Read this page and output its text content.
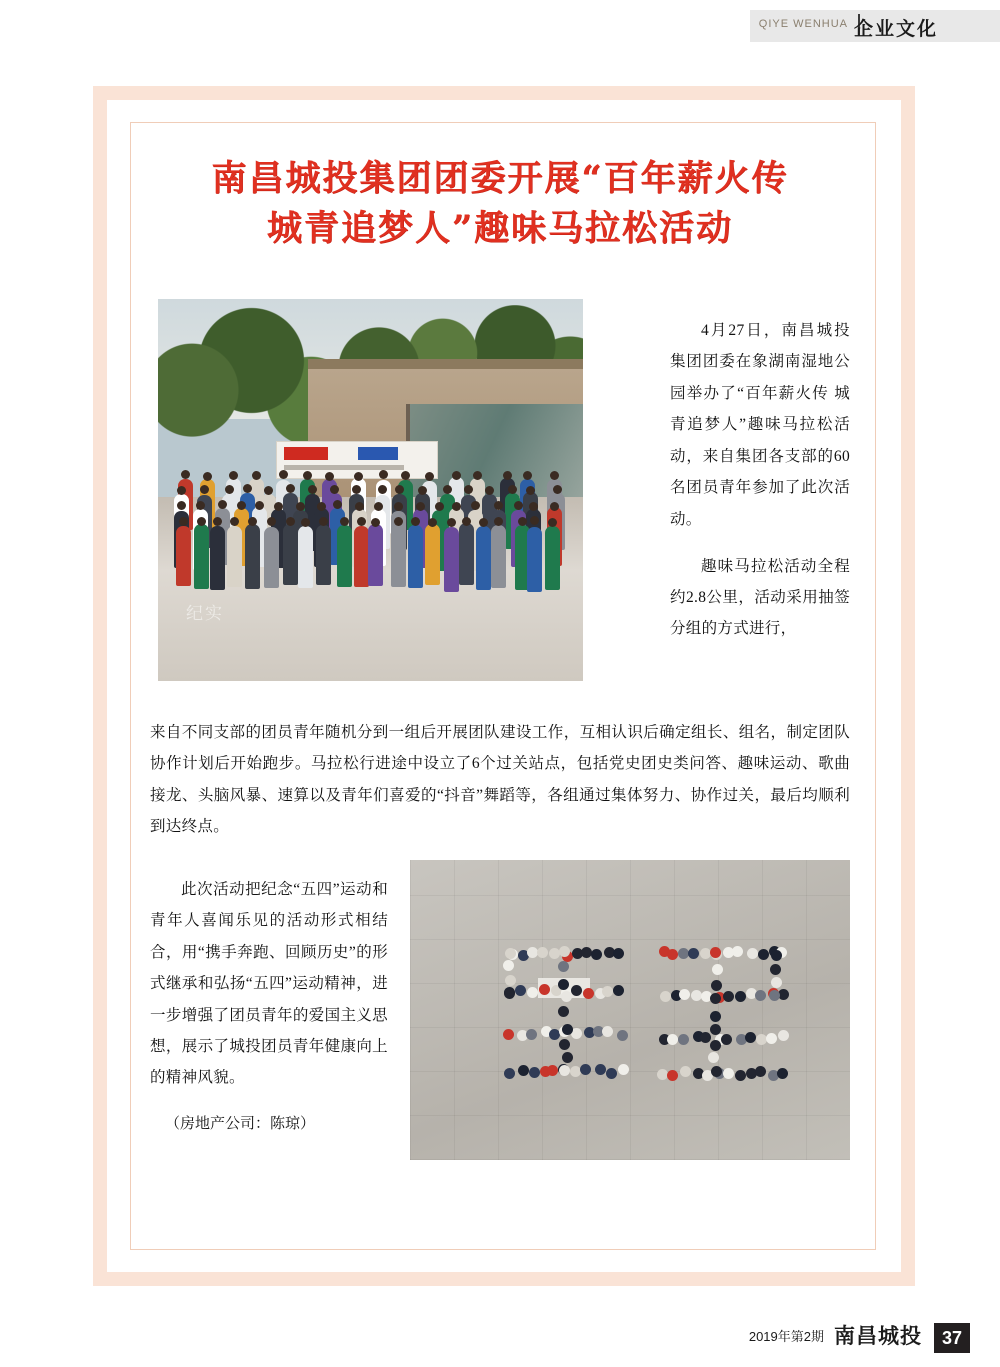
QIYE WENHUA 企业文化
南昌城投集团团委开展“百年薪火传
城青追梦人”趣味马拉松活动
纪实

4月27日，南昌城投集团团委在象湖南湿地公园举办了“百年薪火传 城青追梦人”趣味马拉松活动，来自集团各支部的60名团员青年参加了此次活动。

趣味马拉松活动全程约2.8公里，活动采用抽签分组的方式进行，

来自不同支部的团员青年随机分到一组后开展团队建设工作，互相认识后确定组长、组名，制定团队协作计划后开始跑步。马拉松行进途中设立了6个过关站点，包括党史团史类问答、趣味运动、歌曲接龙、头脑风暴、速算以及青年们喜爱的“抖音”舞蹈等，各组通过集体努力、协作过关，最后均顺利到达终点。

此次活动把纪念“五四”运动和青年人喜闻乐见的活动形式相结合，用“携手奔跑、回顾历史”的形式继承和弘扬“五四”运动精神，进一步增强了团员青年的爱国主义思想，展示了城投团员青年健康向上的精神风貌。

（房地产公司：陈琼）
2019年第2期 南昌城投	37
